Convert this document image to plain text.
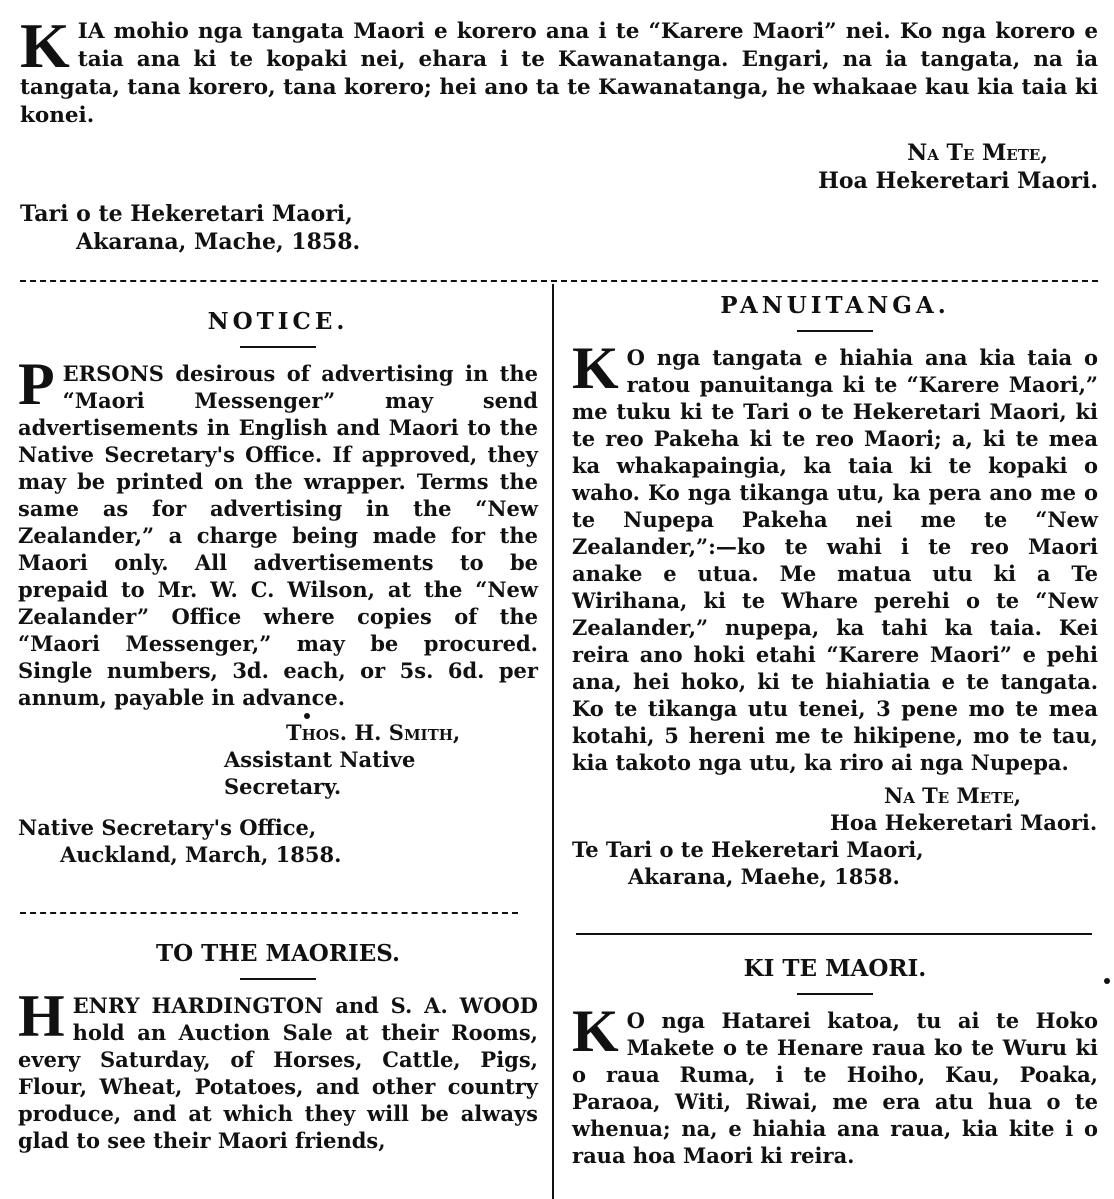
K IA mohio nga tangata Maori e korero ana i te “Karere Maori” nei. Ko nga korero e taia ana ki te kopaki nei, ehara i te Kawanatanga. Engari, na ia tangata, na ia tangata, tana korero, tana korero; hei ano ta te Kawanatanga, he whakaae kau kia taia ki konei.
Na Te Mete,
Hoa Hekeretari Maori.
Tari o te Hekeretari Maori,
Akarana, Mache, 1858.
NOTICE.

P ERSONS desirous of advertising in the “Maori Messenger” may send advertisements in English and Maori to the Native Secretary's Office. If approved, they may be printed on the wrapper. Terms the same as for advertising in the “New Zealander,” a charge being made for the Maori only. All advertisements to be prepaid to Mr. W. C. Wilson, at the “New Zealander” Office where copies of the “Maori Messenger,” may be procured. Single numbers, 3d. each, or 5s. 6d. per annum, payable in advance.

Thos. H. Smith,
Assistant Native Secretary.
Native Secretary's Office,
Auckland, March, 1858.
TO THE MAORIES.

H ENRY HARDINGTON and S. A. WOOD hold an Auction Sale at their Rooms, every Saturday, of Horses, Cattle, Pigs, Flour, Wheat, Potatoes, and other country produce, and at which they will be always glad to see their Maori friends,

PANUITANGA.

K O nga tangata e hiahia ana kia taia o ratou panuitanga ki te “Karere Maori,” me tuku ki te Tari o te Hekeretari Maori, ki te reo Pakeha ki te reo Maori; a, ki te mea ka whakapaingia, ka taia ki te kopaki o waho. Ko nga tikanga utu, ka pera ano me o te Nupepa Pakeha nei me te “New Zealander,”:—ko te wahi i te reo Maori anake e utua. Me matua utu ki a Te Wirihana, ki te Whare perehi o te “New Zealander,” nupepa, ka tahi ka taia. Kei reira ano hoki etahi “Karere Maori” e pehi ana, hei hoko, ki te hiahiatia e te tangata. Ko te tikanga utu tenei, 3 pene mo te mea kotahi, 5 hereni me te hikipene, mo te tau, kia takoto nga utu, ka riro ai nga Nupepa.

Na Te Mete,
Hoa Hekeretari Maori.
Te Tari o te Hekeretari Maori,
Akarana, Maehe, 1858.
KI TE MAORI.

K O nga Hatarei katoa, tu ai te Hoko Makete o te Henare raua ko te Wuru ki o raua Ruma, i te Hoiho, Kau, Poaka, Paraoa, Witi, Riwai, me era atu hua o te whenua; na, e hiahia ana raua, kia kite i o raua hoa Maori ki reira.
